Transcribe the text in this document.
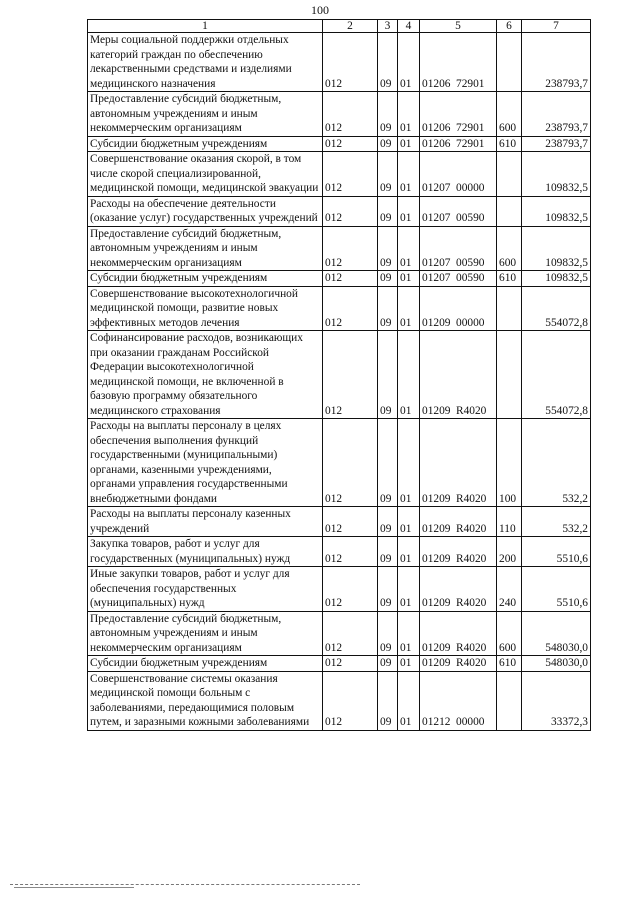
100
1	2	3	4	5	6	7
Меры социальной поддержки отдельных категорий граждан по обеспечению лекарственными средствами и изделиями медицинского назначения	012	09	01	01206 72901		238793,7
Предоставление субсидий бюджетным, автономным учреждениям и иным некоммерческим организациям	012	09	01	01206 72901	600	238793,7
Субсидии бюджетным учреждениям	012	09	01	01206 72901	610	238793,7
Совершенствование оказания скорой, в том числе скорой специализированной, медицинской помощи, медицинской эвакуации	012	09	01	01207 00000		109832,5
Расходы на обеспечение деятельности (оказание услуг) государственных учреждений	012	09	01	01207 00590		109832,5
Предоставление субсидий бюджетным, автономным учреждениям и иным некоммерческим организациям	012	09	01	01207 00590	600	109832,5
Субсидии бюджетным учреждениям	012	09	01	01207 00590	610	109832,5
Совершенствование высокотехнологичной медицинской помощи, развитие новых эффективных методов лечения	012	09	01	01209 00000		554072,8
Софинансирование расходов, возникающих при оказании гражданам Российской Федерации высокотехнологичной медицинской помощи, не включенной в базовую программу обязательного медицинского страхования	012	09	01	01209 R4020		554072,8
Расходы на выплаты персоналу в целях обеспечения выполнения функций государственными (муниципальными) органами, казенными учреждениями, органами управления государственными внебюджетными фондами	012	09	01	01209 R4020	100	532,2
Расходы на выплаты персоналу казенных учреждений	012	09	01	01209 R4020	110	532,2
Закупка товаров, работ и услуг для государственных (муниципальных) нужд	012	09	01	01209 R4020	200	5510,6
Иные закупки товаров, работ и услуг для обеспечения государственных (муниципальных) нужд	012	09	01	01209 R4020	240	5510,6
Предоставление субсидий бюджетным, автономным учреждениям и иным некоммерческим организациям	012	09	01	01209 R4020	600	548030,0
Субсидии бюджетным учреждениям	012	09	01	01209 R4020	610	548030,0
Совершенствование системы оказания медицинской помощи больным с заболеваниями, передающимися половым путем, и заразными кожными заболеваниями	012	09	01	01212 00000		33372,3
